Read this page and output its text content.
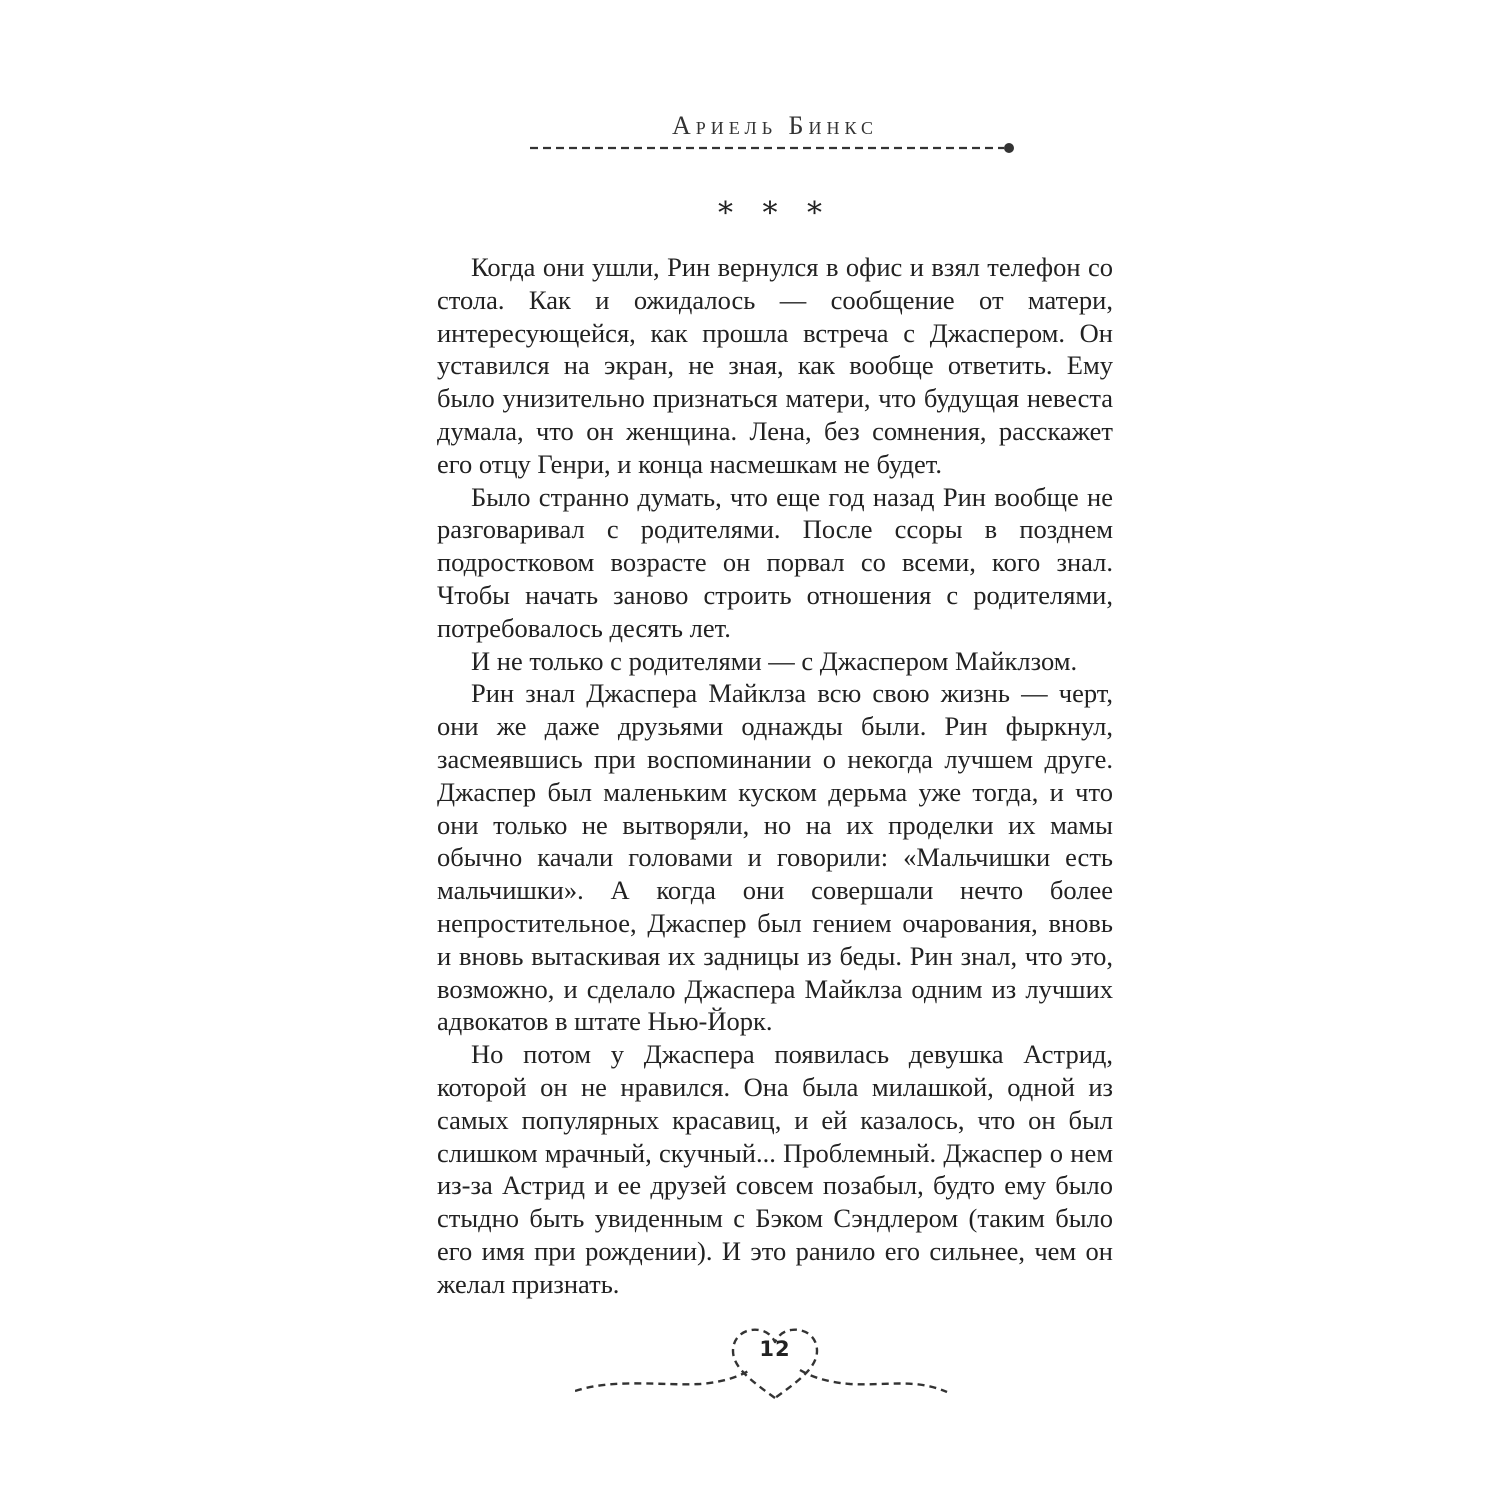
Ариель Бинкс
* * *

Когда они ушли, Рин вернулся в офис и взял телефон со стола. Как и ожидалось — сообщение от матери, интересующейся, как прошла встреча с Джаспером. Он уставился на экран, не зная, как вообще ответить. Ему было унизительно признаться матери, что будущая невеста думала, что он женщина. Лена, без сомнения, расскажет его отцу Генри, и конца насмешкам не будет.

Было странно думать, что еще год назад Рин вообще не разговаривал с родителями. После ссоры в позднем подростковом возрасте он порвал со всеми, кого знал. Чтобы начать заново строить отношения с родителями, потребовалось десять лет.

И не только с родителями — с Джаспером Майклзом.

Рин знал Джаспера Майклза всю свою жизнь — черт, они же даже друзьями однажды были. Рин фыркнул, засмеявшись при воспоминании о некогда лучшем друге. Джаспер был маленьким куском дерьма уже тогда, и что они только не вытворяли, но на их проделки их мамы обычно качали головами и говорили: «Мальчишки есть мальчишки». А когда они совершали нечто более непростительное, Джаспер был гением очарования, вновь и вновь вытаскивая их задницы из беды. Рин знал, что это, возможно, и сделало Джаспера Майклза одним из лучших адвокатов в штате Нью-Йорк.

Но потом у Джаспера появилась девушка Астрид, которой он не нравился. Она была милашкой, одной из самых популярных красавиц, и ей казалось, что он был слишком мрачный, скучный... Проблемный. Джаспер о нем из-за Астрид и ее друзей совсем позабыл, будто ему было стыдно быть увиденным с Бэком Сэндлером (таким было его имя при рождении). И это ранило его сильнее, чем он желал признать.

12
